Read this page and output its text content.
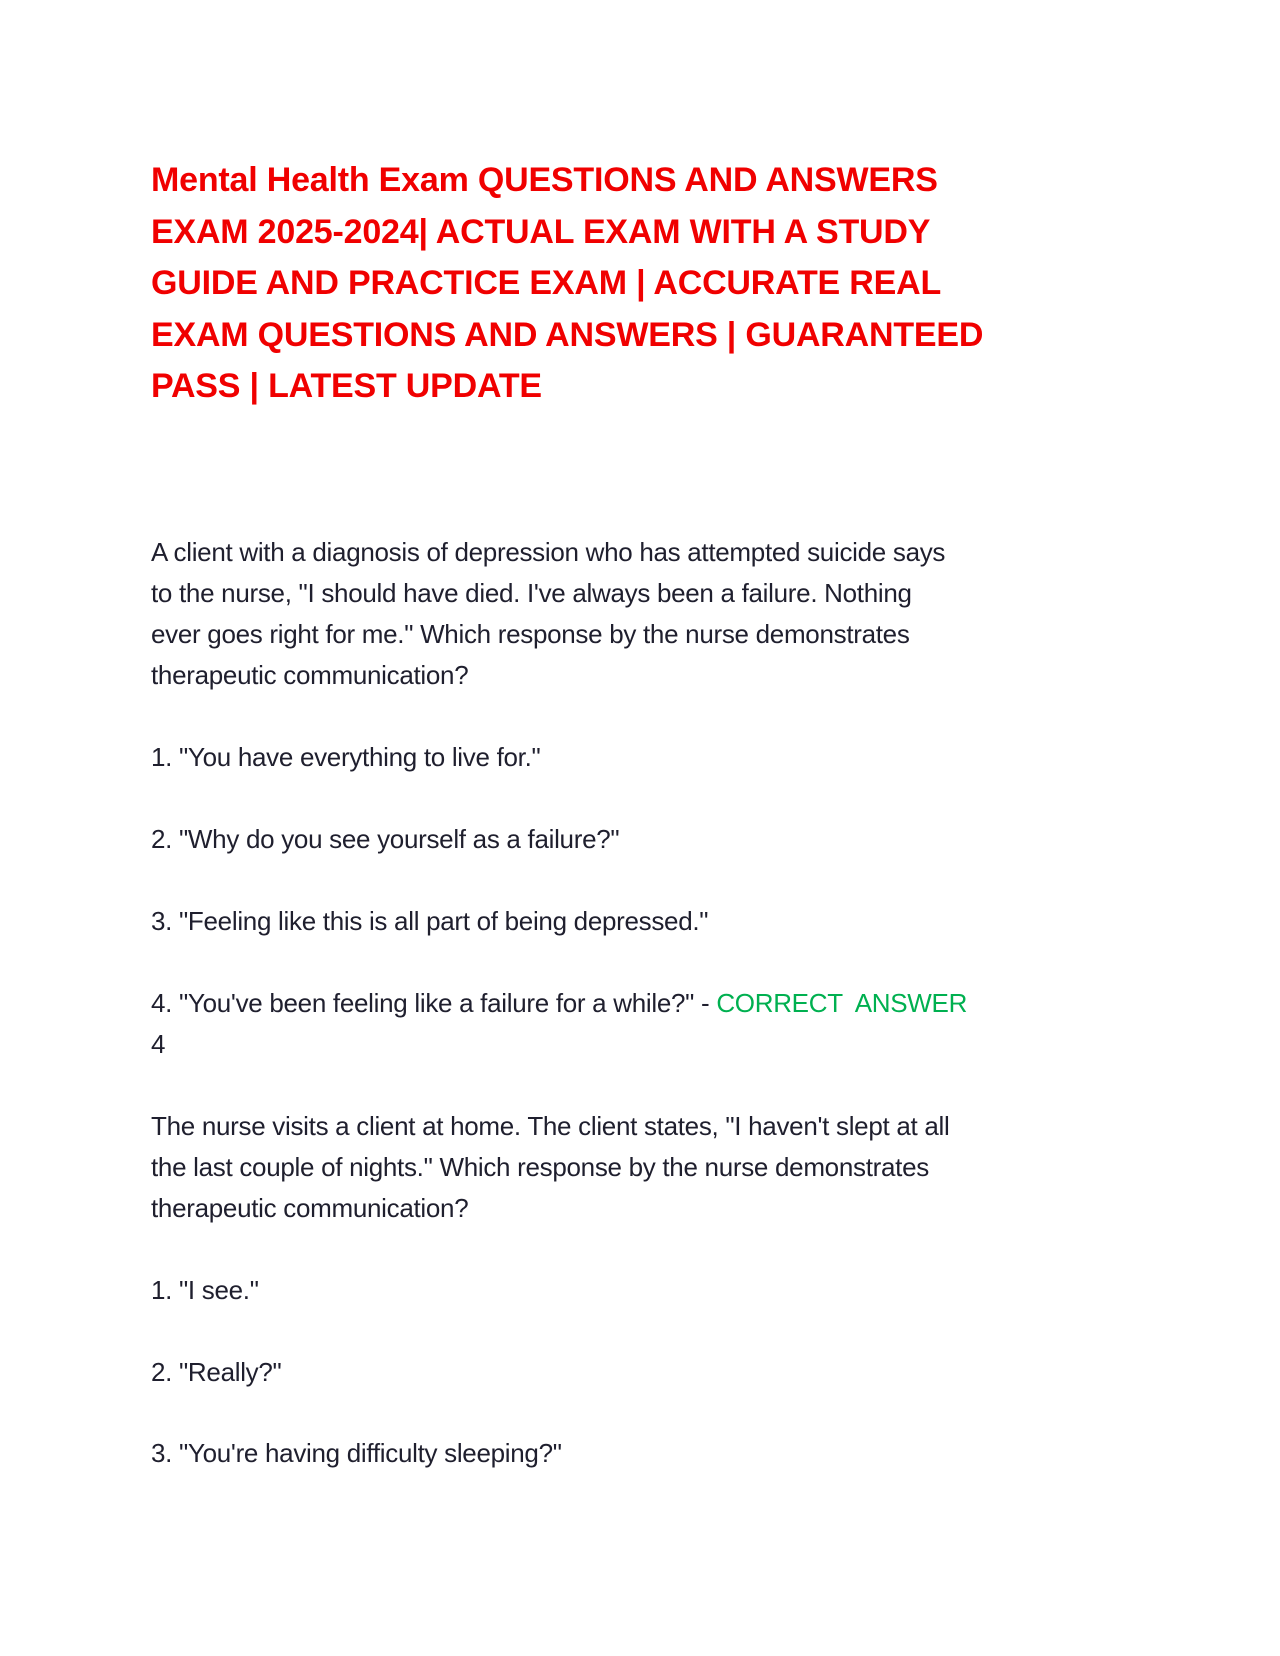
Mental Health Exam QUESTIONS AND ANSWERS
EXAM 2025-2024| ACTUAL EXAM WITH A STUDY
GUIDE AND PRACTICE EXAM | ACCURATE REAL
EXAM QUESTIONS AND ANSWERS | GUARANTEED
PASS | LATEST UPDATE
A client with a diagnosis of depression who has attempted suicide says
to the nurse, "I should have died. I've always been a failure. Nothing
ever goes right for me." Which response by the nurse demonstrates
therapeutic communication?
1. "You have everything to live for."
2. "Why do you see yourself as a failure?"
3. "Feeling like this is all part of being depressed."
4. "You've been feeling like a failure for a while?" - CORRECT  ANSWER
4
The nurse visits a client at home. The client states, "I haven't slept at all
the last couple of nights." Which response by the nurse demonstrates
therapeutic communication?
1. "I see."
2. "Really?"
3. "You're having difficulty sleeping?"
